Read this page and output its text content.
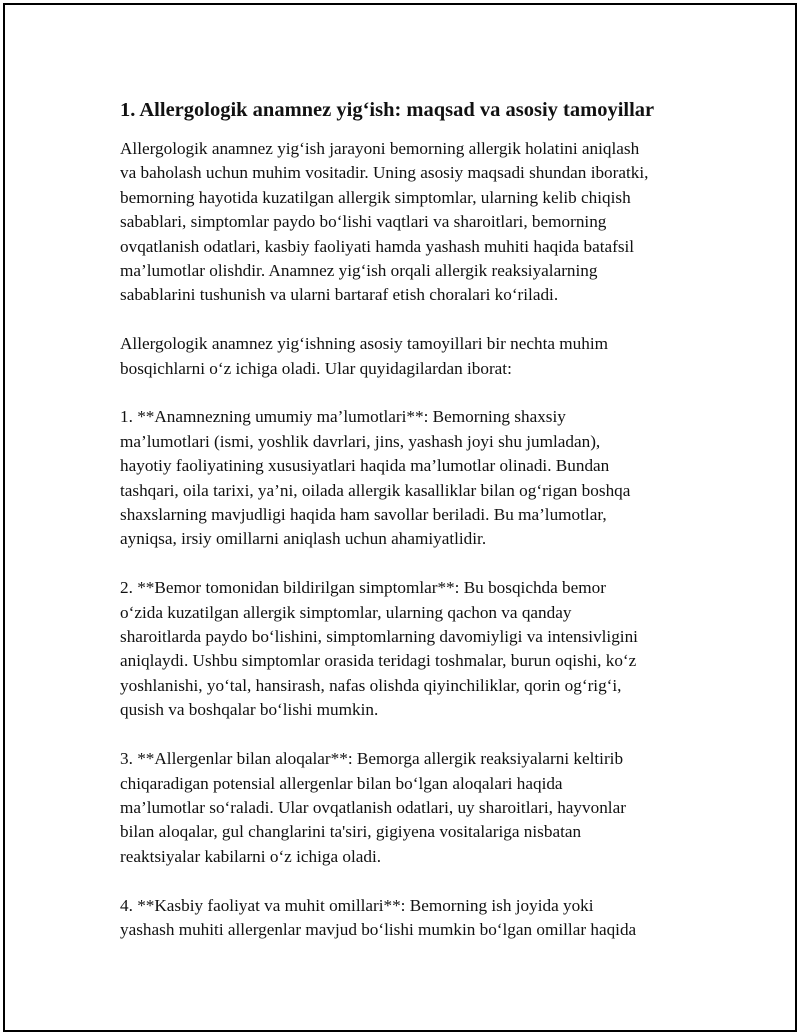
1. Allergologik anamnez yig‘ish: maqsad va asosiy tamoyillar
Allergologik anamnez yig‘ish jarayoni bemorning allergik holatini aniqlash
va baholash uchun muhim vositadir. Uning asosiy maqsadi shundan iboratki,
bemorning hayotida kuzatilgan allergik simptomlar, ularning kelib chiqish
sabablari, simptomlar paydo bo‘lishi vaqtlari va sharoitlari, bemorning
ovqatlanish odatlari, kasbiy faoliyati hamda yashash muhiti haqida batafsil
ma’lumotlar olishdir. Anamnez yig‘ish orqali allergik reaksiyalarning
sabablarini tushunish va ularni bartaraf etish choralari ko‘riladi.
Allergologik anamnez yig‘ishning asosiy tamoyillari bir nechta muhim
bosqichlarni o‘z ichiga oladi. Ular quyidagilardan iborat:
1. **Anamnezning umumiy ma’lumotlari**: Bemorning shaxsiy
ma’lumotlari (ismi, yoshlik davrlari, jins, yashash joyi shu jumladan),
hayotiy faoliyatining xususiyatlari haqida ma’lumotlar olinadi. Bundan
tashqari, oila tarixi, ya’ni, oilada allergik kasalliklar bilan og‘rigan boshqa
shaxslarning mavjudligi haqida ham savollar beriladi. Bu ma’lumotlar,
ayniqsa, irsiy omillarni aniqlash uchun ahamiyatlidir.
2. **Bemor tomonidan bildirilgan simptomlar**: Bu bosqichda bemor
o‘zida kuzatilgan allergik simptomlar, ularning qachon va qanday
sharoitlarda paydo bo‘lishini, simptomlarning davomiyligi va intensivligini
aniqlaydi. Ushbu simptomlar orasida teridagi toshmalar, burun oqishi, ko‘z
yoshlanishi, yo‘tal, hansirash, nafas olishda qiyinchiliklar, qorin og‘rig‘i,
qusish va boshqalar bo‘lishi mumkin.
3. **Allergenlar bilan aloqalar**: Bemorga allergik reaksiyalarni keltirib
chiqaradigan potensial allergenlar bilan bo‘lgan aloqalari haqida
ma’lumotlar so‘raladi. Ular ovqatlanish odatlari, uy sharoitlari, hayvonlar
bilan aloqalar, gul changlarini ta'siri, gigiyena vositalariga nisbatan
reaktsiyalar kabilarni o‘z ichiga oladi.
4. **Kasbiy faoliyat va muhit omillari**: Bemorning ish joyida yoki
yashash muhiti allergenlar mavjud bo‘lishi mumkin bo‘lgan omillar haqida
